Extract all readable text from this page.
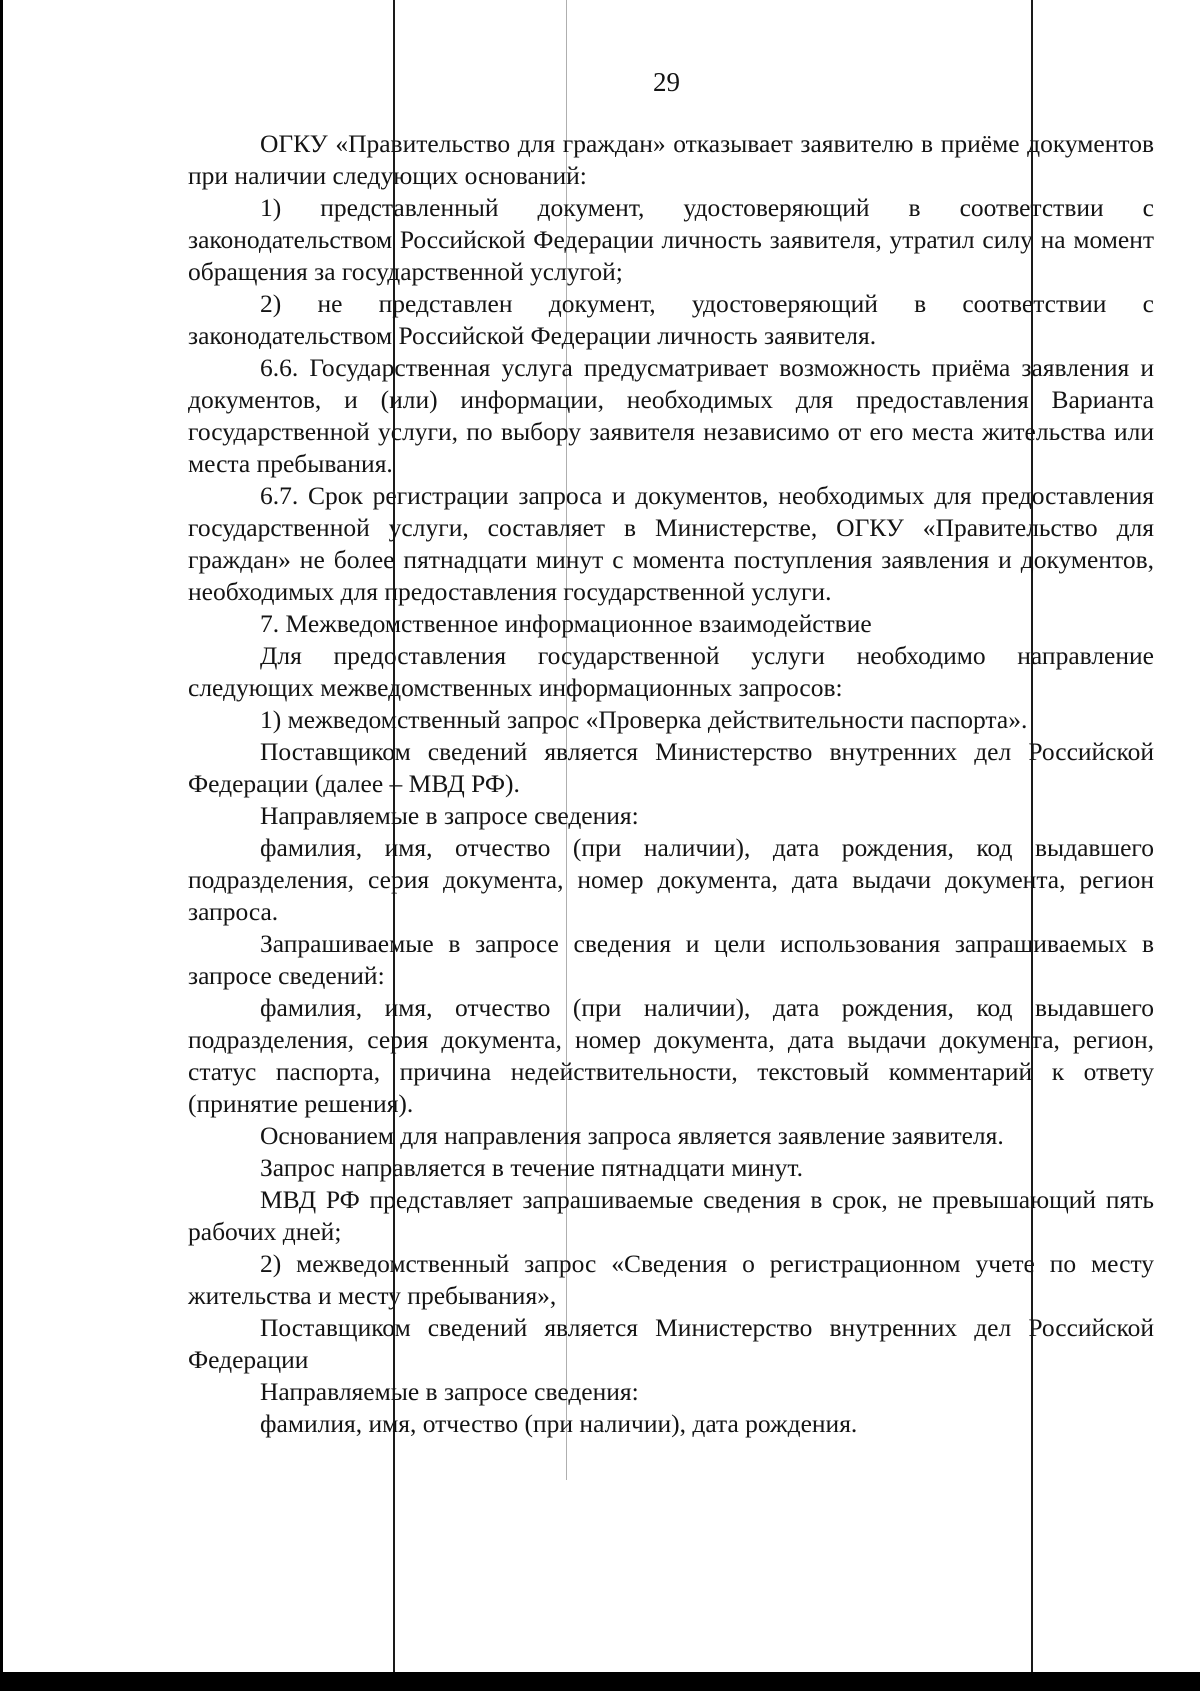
29

ОГКУ «Правительство для граждан» отказывает заявителю в приёме документов при наличии следующих оснований:

1) представленный документ, удостоверяющий в соответствии с законодательством Российской Федерации личность заявителя, утратил силу на момент обращения за государственной услугой;

2) не представлен документ, удостоверяющий в соответствии с законодательством Российской Федерации личность заявителя.

6.6. Государственная услуга предусматривает возможность приёма заявления и документов, и (или) информации, необходимых для предоставления Варианта государственной услуги, по выбору заявителя независимо от его места жительства или места пребывания.

6.7. Срок регистрации запроса и документов, необходимых для предоставления государственной услуги, составляет в Министерстве, ОГКУ «Правительство для граждан» не более пятнадцати минут с момента поступления заявления и документов, необходимых для предоставления государственной услуги.

7. Межведомственное информационное взаимодействие

Для предоставления государственной услуги необходимо направление следующих межведомственных информационных запросов:

1) межведомственный запрос «Проверка действительности паспорта».

Поставщиком сведений является Министерство внутренних дел Российской Федерации (далее – МВД РФ).

Направляемые в запросе сведения:

фамилия, имя, отчество (при наличии), дата рождения, код выдавшего подразделения, серия документа, номер документа, дата выдачи документа, регион запроса.

Запрашиваемые в запросе сведения и цели использования запрашиваемых в запросе сведений:

фамилия, имя, отчество (при наличии), дата рождения, код выдавшего подразделения, серия документа, номер документа, дата выдачи документа, регион, статус паспорта, причина недействительности, текстовый комментарий к ответу (принятие решения).

Основанием для направления запроса является заявление заявителя.

Запрос направляется в течение пятнадцати минут.

МВД РФ представляет запрашиваемые сведения в срок, не превышающий пять рабочих дней;

2) межведомственный запрос «Сведения о регистрационном учете по месту жительства и месту пребывания»,

Поставщиком сведений является Министерство внутренних дел Российской Федерации

Направляемые в запросе сведения:

фамилия, имя, отчество (при наличии), дата рождения.
